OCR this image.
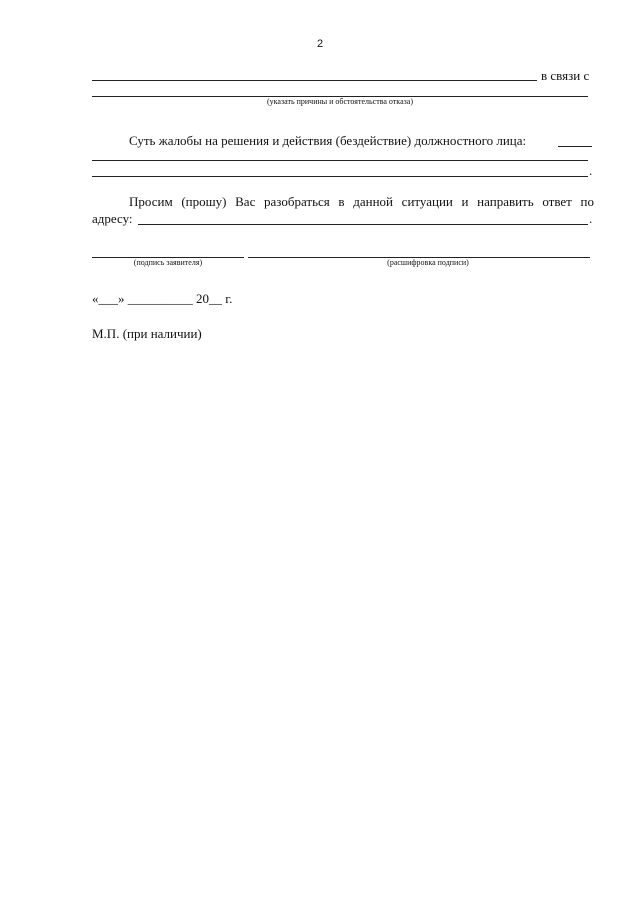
2
в связи с
(указать причины и обстоятельства отказа)
Суть жалобы на решения и действия (бездействие) должностного лица:
.
Просим (прошу) Вас разобраться в данной ситуации и направить ответ по
адресу:	.
(подпись заявителя)	(расшифровка подписи)
«___» __________ 20__ г.
М.П. (при наличии)
